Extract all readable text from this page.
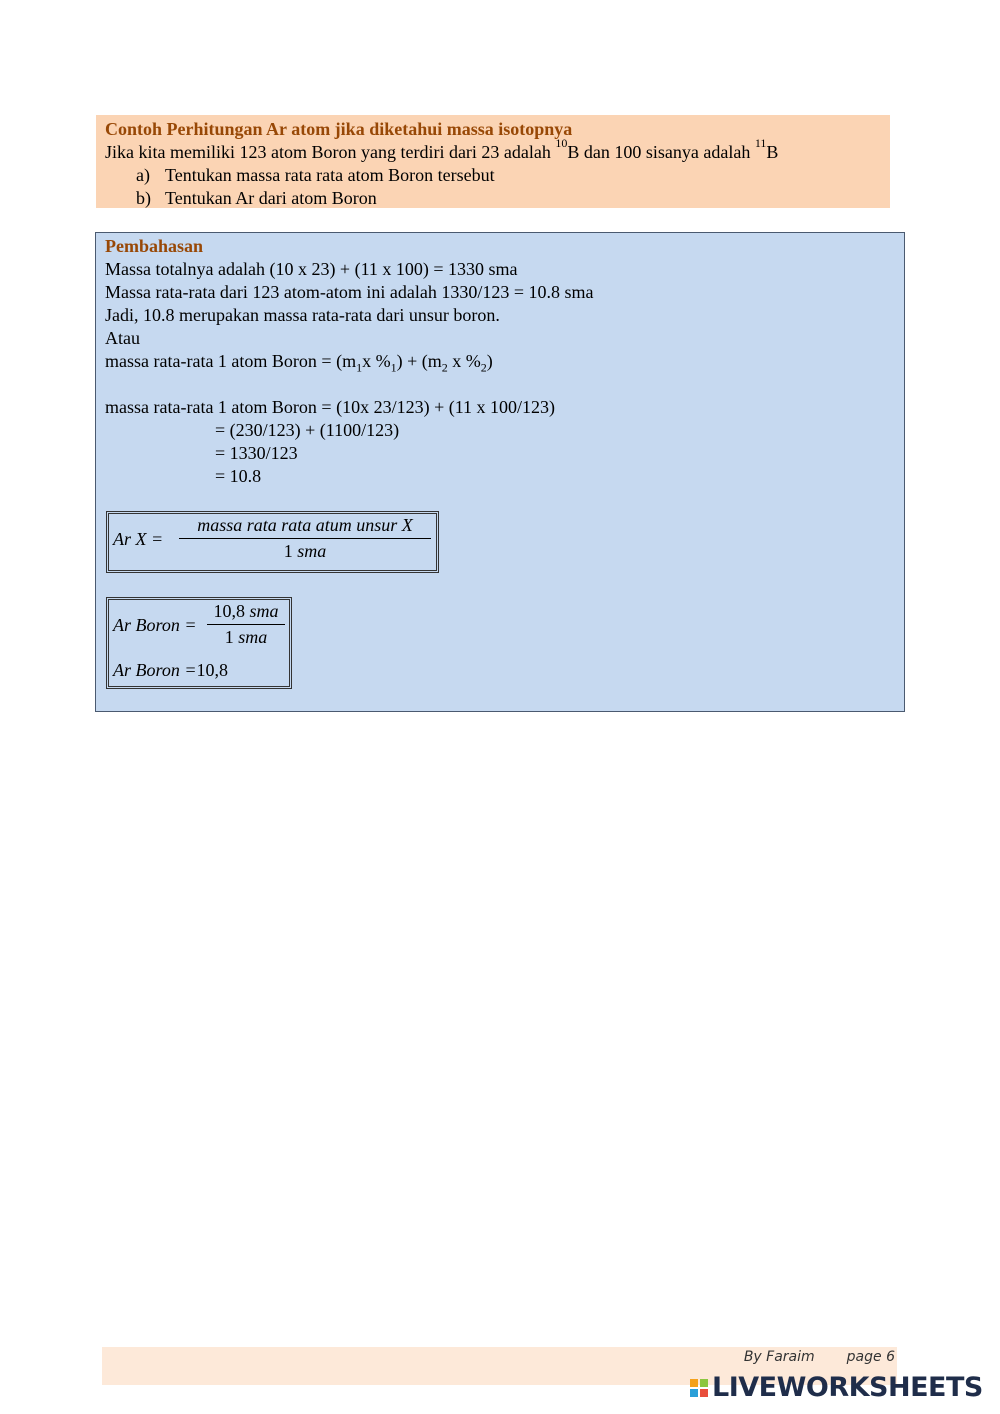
Contoh Perhitungan Ar atom jika diketahui massa isotopnya
Jika kita memiliki 123 atom Boron yang terdiri dari 23 adalah $^{10}$B dan 100 sisanya adalah $^{11}$B
a) Tentukan massa rata rata atom Boron tersebut
b) Tentukan Ar dari atom Boron
Pembahasan
Massa totalnya adalah (10 x 23) + (11 x 100) = 1330 sma
Massa rata-rata dari 123 atom-atom ini adalah 1330/123 = 10.8 sma
Jadi, 10.8 merupakan massa rata-rata dari unsur boron.
Atau
massa rata-rata 1 atom Boron = ($m_1x$ $\%_1) + (m_2$ x $\%_2$)
massa rata-rata 1 atom Boron = (10x 23/123) + (11 x 100/123)
= (230/123) + (1100/123)
= 1330/123
= 10.8
Ar X =
massa rata rata atum unsur X
1 sma
Ar Boron =
10,8 sma
1 sma
Ar Boron =10,8
By Faraim page 6
LIVEWORKSHEETS
